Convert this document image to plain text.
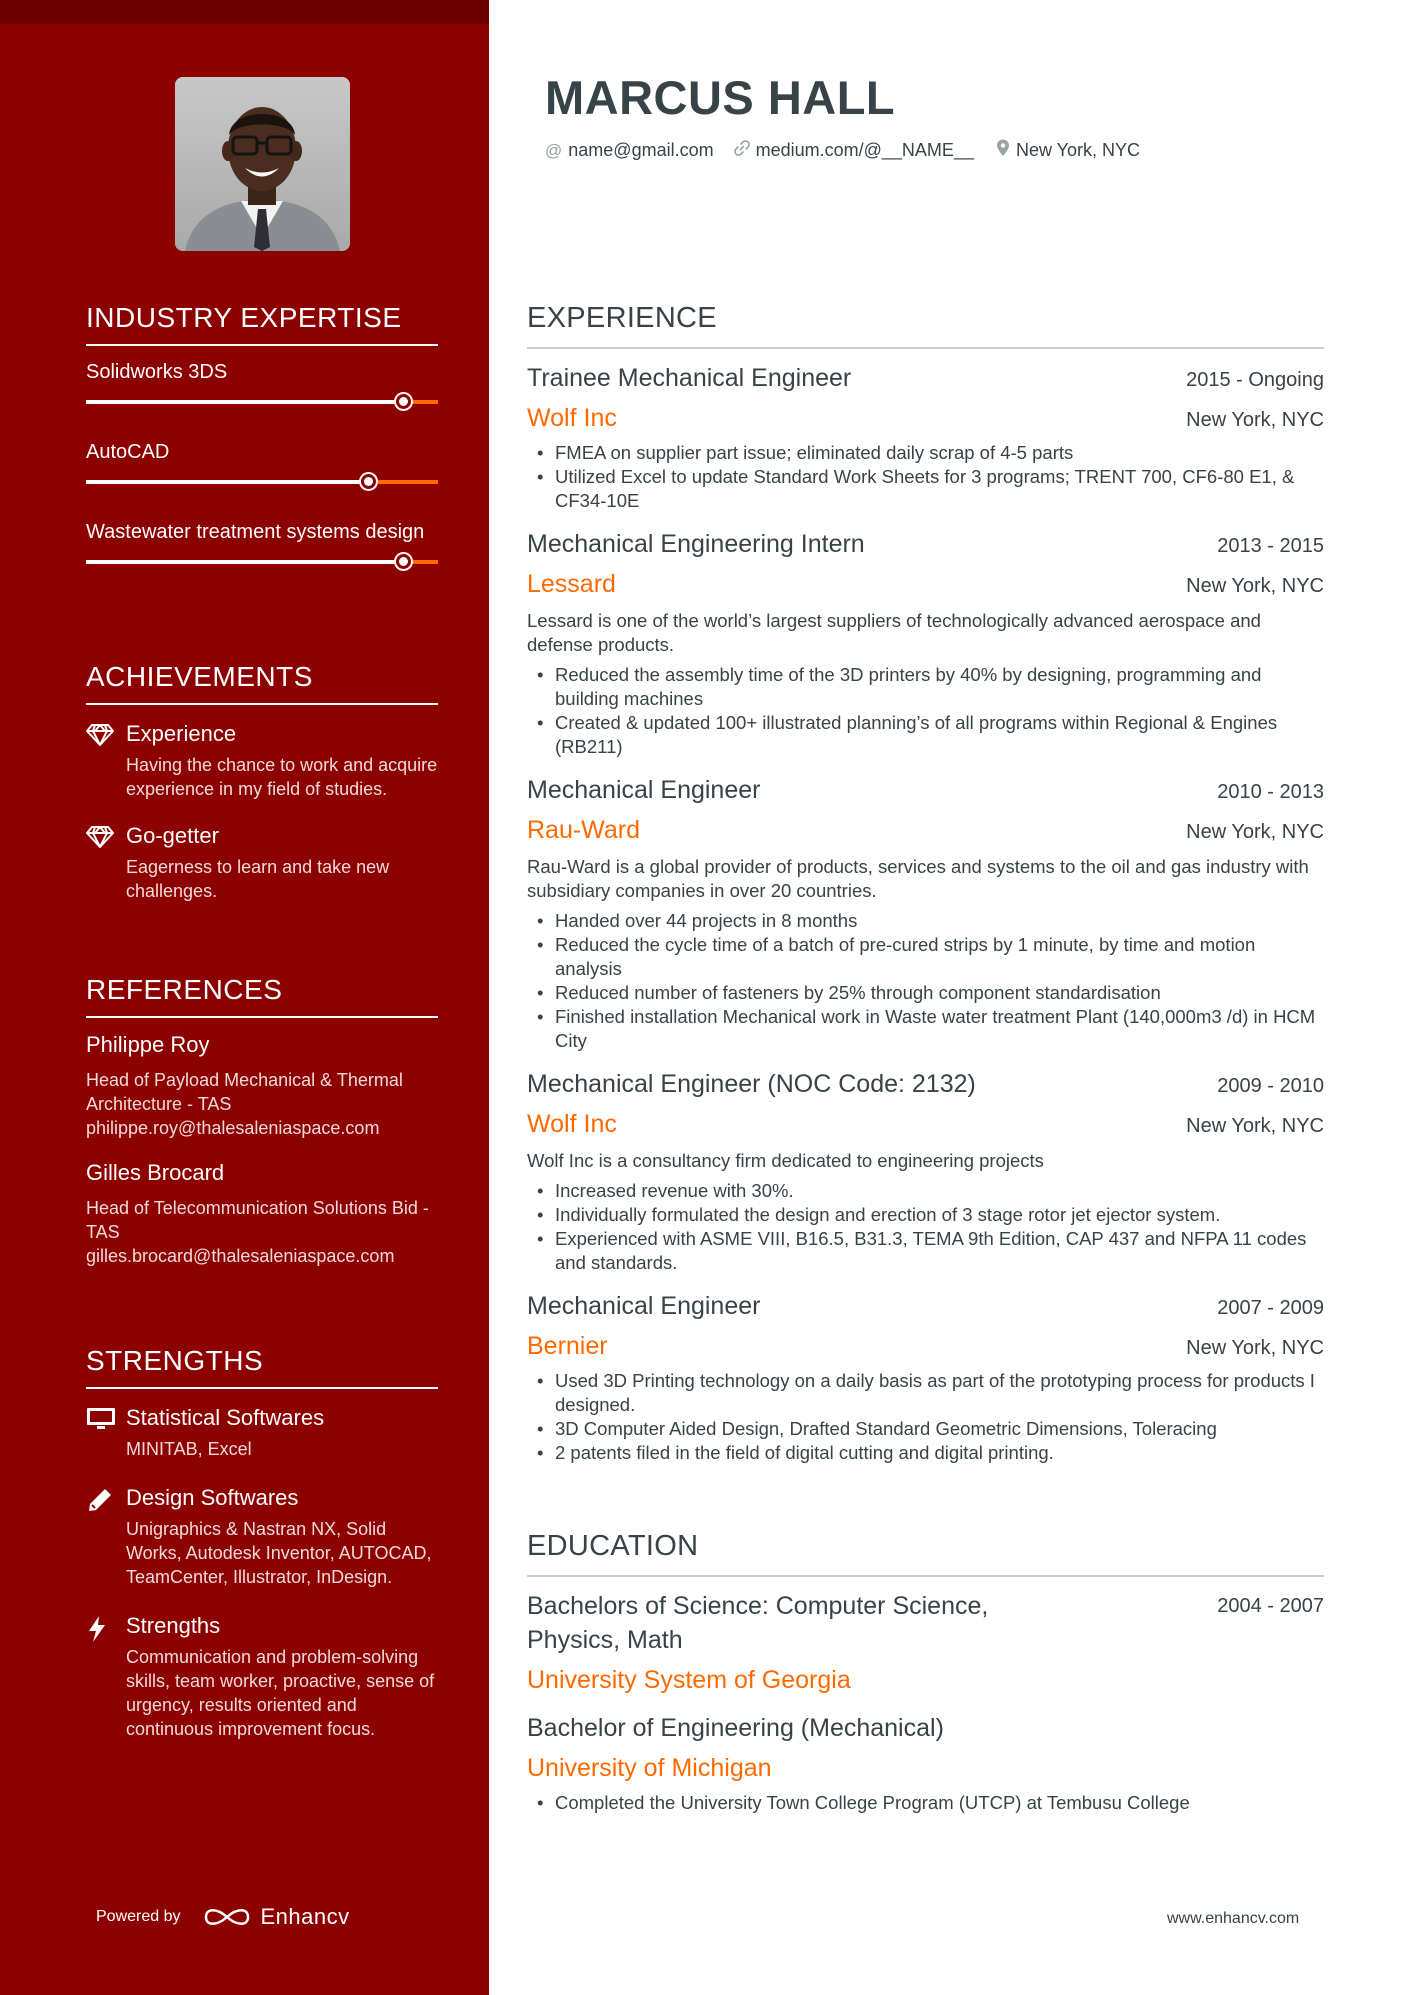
INDUSTRY EXPERTISE
Solidworks 3DS
AutoCAD
Wastewater treatment systems design
ACHIEVEMENTS
Experience
Having the chance to work and acquire experience in my field of studies.
Go-getter
Eagerness to learn and take new challenges.
REFERENCES
Philippe Roy
Head of Payload Mechanical & Thermal Architecture - TAS
philippe.roy@thalesaleniaspace.com
Gilles Brocard
Head of Telecommunication Solutions Bid - TAS
gilles.brocard@thalesaleniaspace.com
STRENGTHS
Statistical Softwares
MINITAB, Excel
Design Softwares
Unigraphics & Nastran NX, Solid Works, Autodesk Inventor, AUTOCAD, TeamCenter, Illustrator, InDesign.
Strengths
Communication and problem-solving skills, team worker, proactive, sense of urgency, results oriented and continuous improvement focus.
Powered by	Enhancv
MARCUS HALL
@ name@gmail.com medium.com/@__NAME__ New York, NYC
EXPERIENCE
Trainee Mechanical Engineer	2015 - Ongoing
Wolf Inc	New York, NYC
• FMEA on supplier part issue; eliminated daily scrap of 4-5 parts
• Utilized Excel to update Standard Work Sheets for 3 programs; TRENT 700, CF6-80 E1, & CF34-10E
Mechanical Engineering Intern	2013 - 2015
Lessard	New York, NYC
Lessard is one of the world’s largest suppliers of technologically advanced aerospace and defense products.
• Reduced the assembly time of the 3D printers by 40% by designing, programming and building machines
• Created & updated 100+ illustrated planning’s of all programs within Regional & Engines (RB211)
Mechanical Engineer	2010 - 2013
Rau-Ward	New York, NYC
Rau-Ward is a global provider of products, services and systems to the oil and gas industry with subsidiary companies in over 20 countries.
• Handed over 44 projects in 8 months
• Reduced the cycle time of a batch of pre-cured strips by 1 minute, by time and motion analysis
• Reduced number of fasteners by 25% through component standardisation
• Finished installation Mechanical work in Waste water treatment Plant (140,000m3 /d) in HCM City
Mechanical Engineer (NOC Code: 2132)	2009 - 2010
Wolf Inc	New York, NYC
Wolf Inc is a consultancy firm dedicated to engineering projects
• Increased revenue with 30%.
• Individually formulated the design and erection of 3 stage rotor jet ejector system.
• Experienced with ASME VIII, B16.5, B31.3, TEMA 9th Edition, CAP 437 and NFPA 11 codes and standards.
Mechanical Engineer	2007 - 2009
Bernier	New York, NYC
• Used 3D Printing technology on a daily basis as part of the prototyping process for products I designed.
• 3D Computer Aided Design, Drafted Standard Geometric Dimensions, Toleracing
• 2 patents filed in the field of digital cutting and digital printing.
EDUCATION
Bachelors of Science: Computer Science, Physics, Math
2004 - 2007
University System of Georgia
Bachelor of Engineering (Mechanical)
University of Michigan
• Completed the University Town College Program (UTCP) at Tembusu College
www.enhancv.com
